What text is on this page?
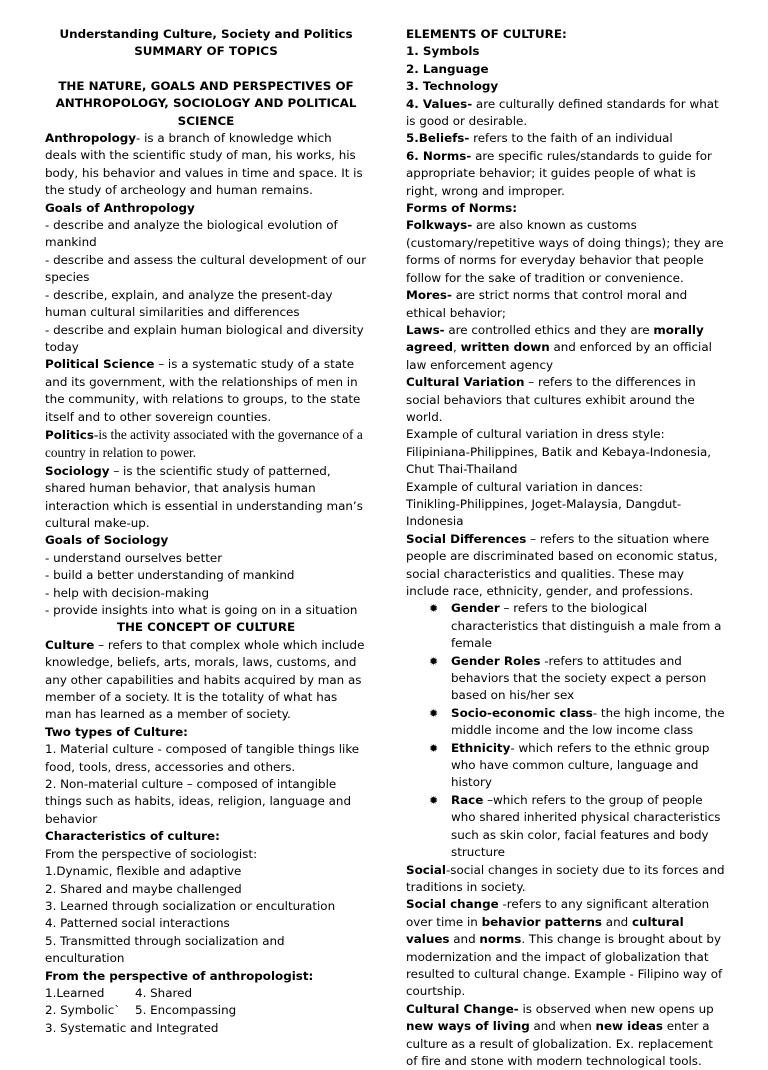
Understanding Culture, Society and Politics

SUMMARY OF TOPICS

THE NATURE, GOALS AND PERSPECTIVES OF

ANTHROPOLOGY, SOCIOLOGY AND POLITICAL SCIENCE

Anthropology- is a branch of knowledge which deals with the scientific study of man, his works, his body, his behavior and values in time and space. It is the study of archeology and human remains.

Goals of Anthropology

- describe and analyze the biological evolution of mankind

- describe and assess the cultural development of our species

- describe, explain, and analyze the present-day human cultural similarities and differences

- describe and explain human biological and diversity today

Political Science – is a systematic study of a state and its government, with the relationships of men in the community, with relations to groups, to the state itself and to other sovereign counties.

Politics-is the activity associated with the governance of a country in relation to power.

Sociology – is the scientific study of patterned, shared human behavior, that analysis human interaction which is essential in understanding man’s cultural make-up.

Goals of Sociology

- understand ourselves better

- build a better understanding of mankind

- help with decision-making

- provide insights into what is going on in a situation

THE CONCEPT OF CULTURE

Culture – refers to that complex whole which include knowledge, beliefs, arts, morals, laws, customs, and any other capabilities and habits acquired by man as member of a society. It is the totality of what has man has learned as a member of society.

Two types of Culture:

1. Material culture - composed of tangible things like food, tools, dress, accessories and others.

2. Non-material culture – composed of intangible things such as habits, ideas, religion, language and behavior

Characteristics of culture:

From the perspective of sociologist:

1.Dynamic, flexible and adaptive

2. Shared and maybe challenged

3. Learned through socialization or enculturation

4. Patterned social interactions

5. Transmitted through socialization and enculturation

From the perspective of anthropologist:

1.Learned	4. Shared
2. Symbolic`	5. Encompassing
3. Systematic and Integrated

ELEMENTS OF CULTURE:

1. Symbols

2. Language

3. Technology

4. Values- are culturally defined standards for what is good or desirable.

5.Beliefs- refers to the faith of an individual

6. Norms- are specific rules/standards to guide for appropriate behavior; it guides people of what is right, wrong and improper.

Forms of Norms:

Folkways- are also known as customs (customary/repetitive ways of doing things); they are forms of norms for everyday behavior that people follow for the sake of tradition or convenience.

Mores- are strict norms that control moral and ethical behavior;

Laws- are controlled ethics and they are morally agreed, written down and enforced by an official law enforcement agency

Cultural Variation – refers to the differences in social behaviors that cultures exhibit around the world.

Example of cultural variation in dress style:

Filipiniana-Philippines, Batik and Kebaya-Indonesia, Chut Thai-Thailand

Example of cultural variation in dances:

Tinikling-Philippines, Joget-Malaysia, Dangdut-Indonesia

Social Differences – refers to the situation where people are discriminated based on economic status, social characteristics and qualities. These may include race, ethnicity, gender, and professions.

✹ Gender – refers to the biological characteristics that distinguish a male from a female
✹ Gender Roles -refers to attitudes and behaviors that the society expect a person based on his/her sex
✹ Socio-economic class- the high income, the middle income and the low income class
✹ Ethnicity- which refers to the ethnic group who have common culture, language and history
✹ Race –which refers to the group of people who shared inherited physical characteristics such as skin color, facial features and body structure

Social-social changes in society due to its forces and traditions in society.

Social change -refers to any significant alteration over time in behavior patterns and cultural values and norms. This change is brought about by modernization and the impact of globalization that resulted to cultural change. Example - Filipino way of courtship.

Cultural Change- is observed when new opens up new ways of living and when new ideas enter a culture as a result of globalization. Ex. replacement of fire and stone with modern technological tools.
